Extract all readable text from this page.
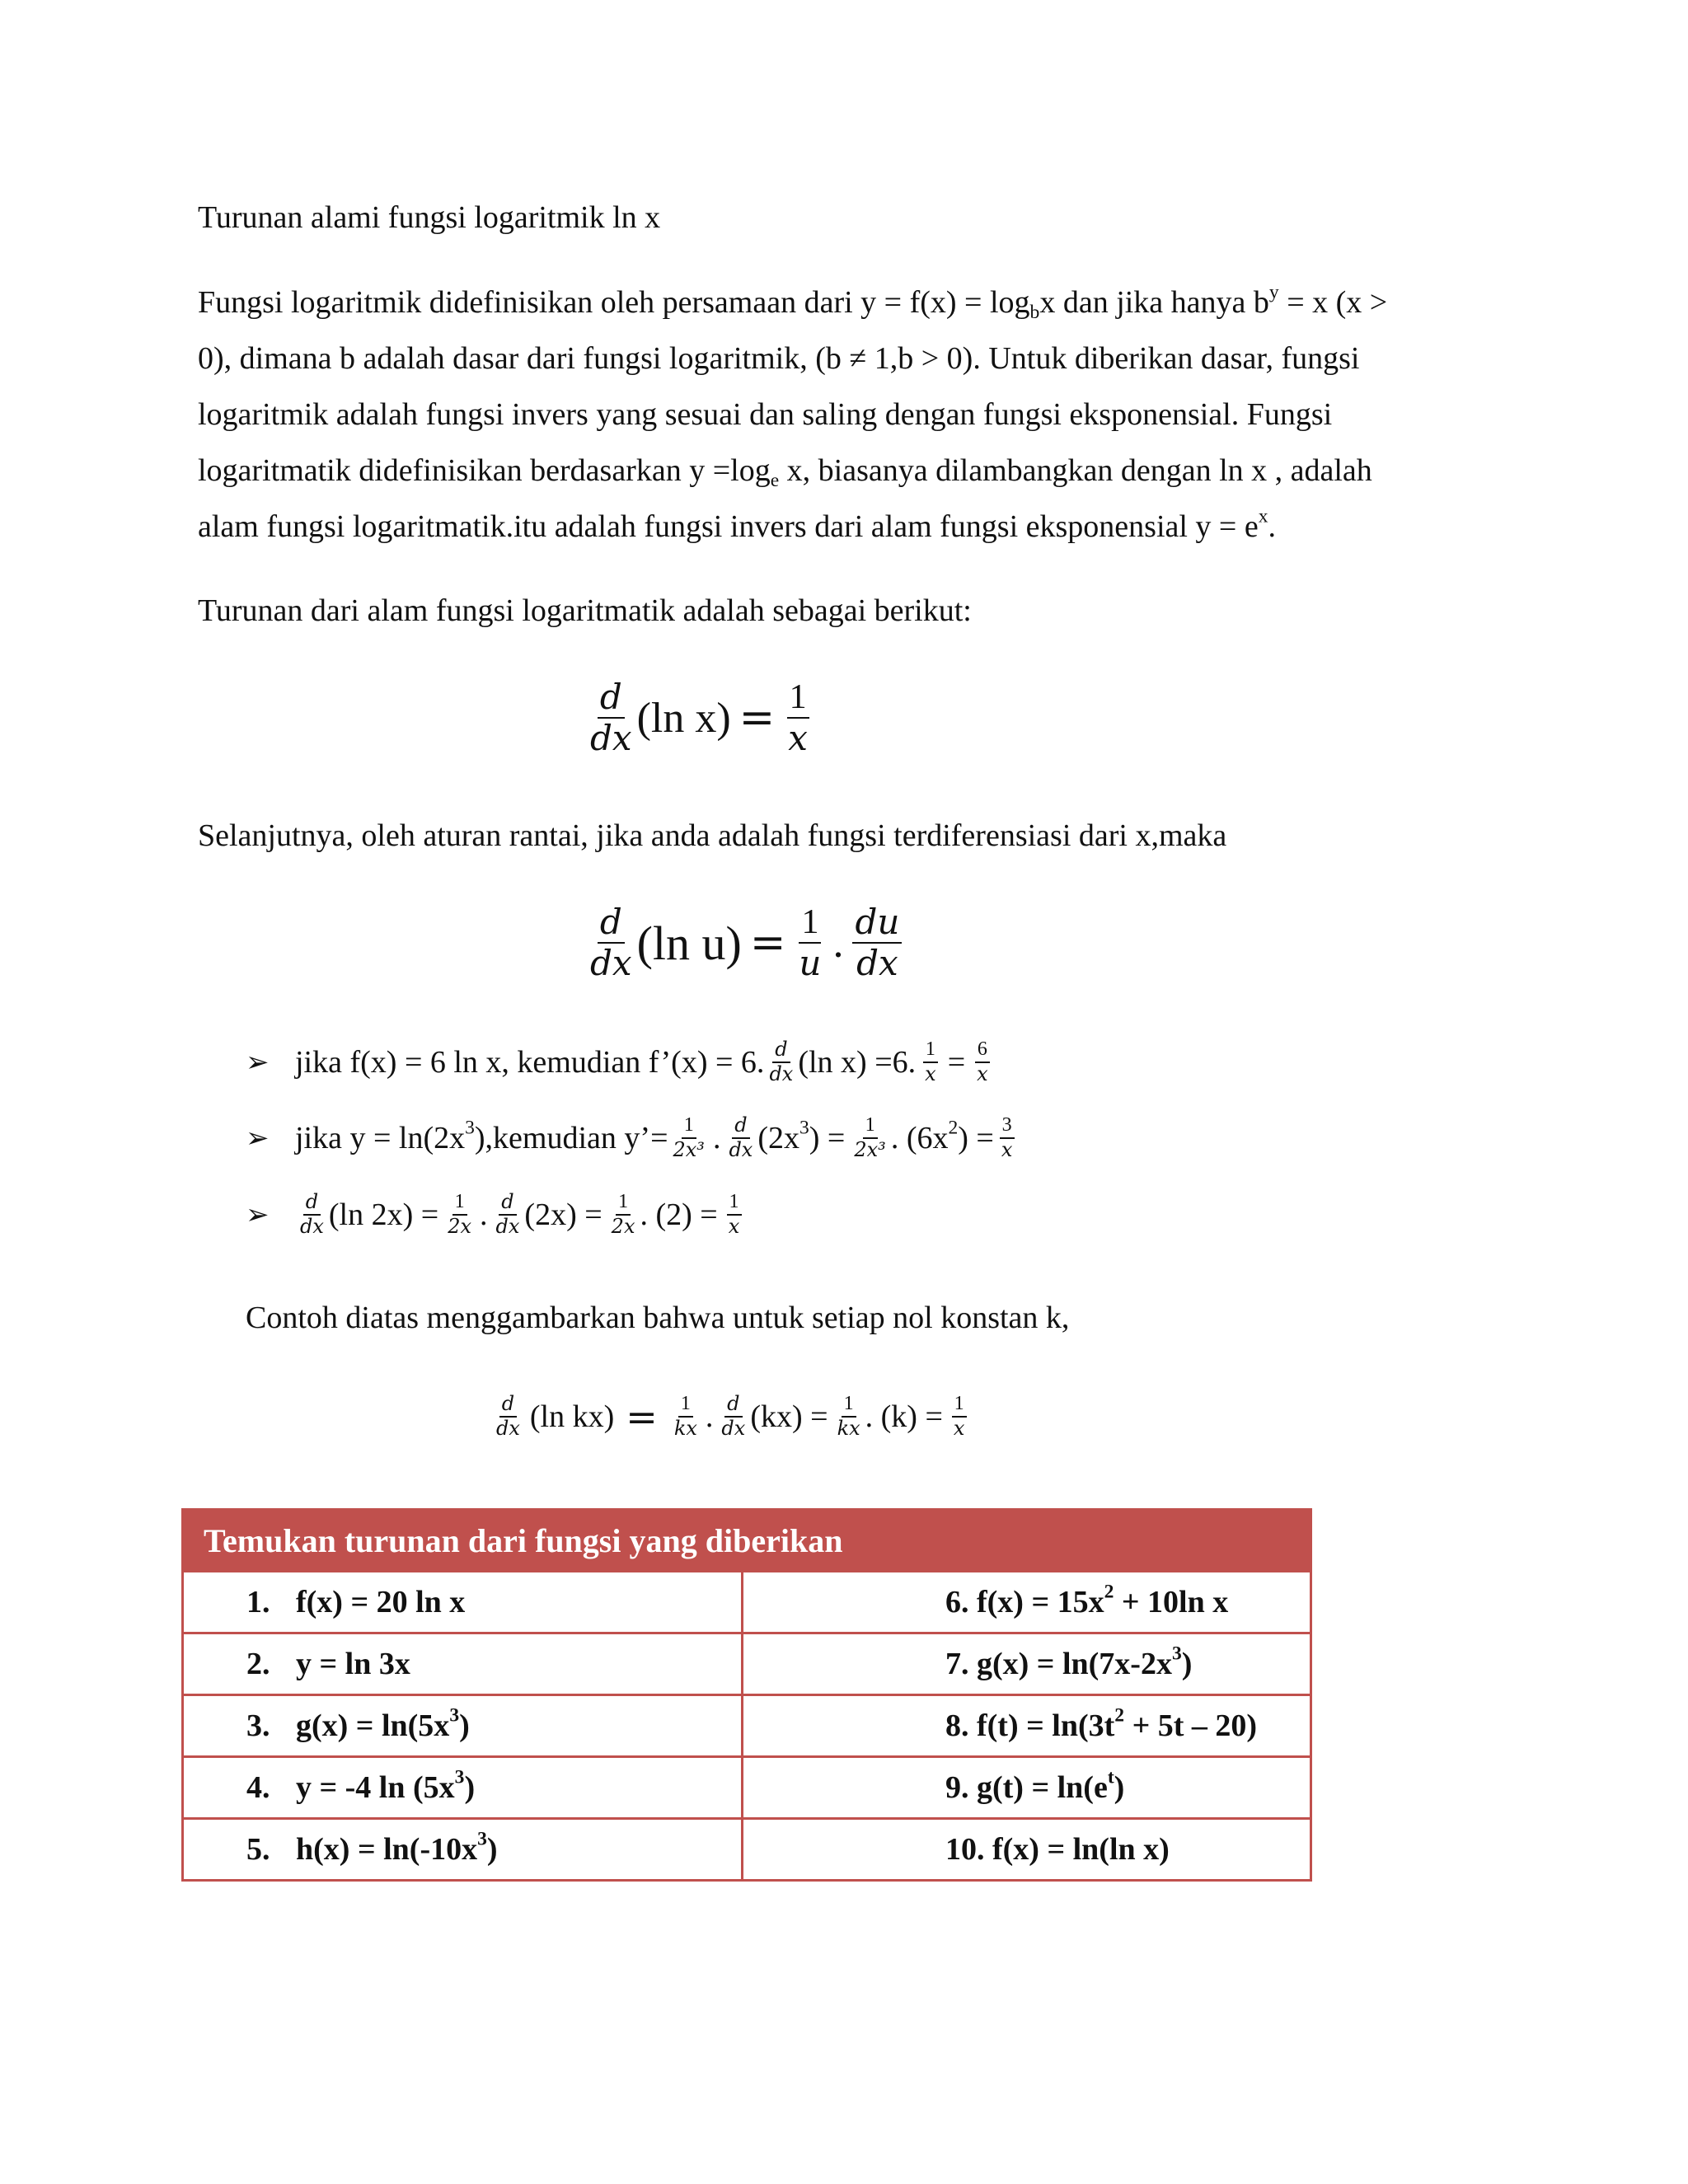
Turunan alami fungsi logaritmik ln x
Fungsi logaritmik didefinisikan oleh persamaan dari $y = f(x) = \log_bx$ dan jika hanya $b^y = x$ (x >
0), dimana b adalah dasar dari fungsi logaritmik, (b ≠ 1,b > 0). Untuk diberikan dasar, fungsi
logaritmik adalah fungsi invers yang sesuai dan saling dengan fungsi eksponensial. Fungsi
logaritmatik didefinisikan berdasarkan $y =\log_e$ x, biasanya dilambangkan dengan ln x , adalah
alam fungsi logaritmatik.itu adalah fungsi invers dari alam fungsi eksponensial $y = e^x$.
Turunan dari alam fungsi logaritmatik adalah sebagai berikut:
$\frac{d}{dx} (\ln$ $x) = \frac{1}{x}$
Selanjutnya, oleh aturan rantai, jika anda adalah fungsi terdiferensiasi dari x,maka
$\frac{d}{dx} (\ln$ $u) = \frac{1}{u}$ . $\frac{du}{dx}$
➢ jika f(x) = 6 ln x, kemudian f’(x) = 6. $\frac{d}{dx} (\ln$ x) =6. $\frac{1}{x} = \frac{6}{x}$
➢ jika $y = \ln(2x^3),kemudian$ y’= $\frac{1}{\text{2x³}}$ . $\frac{d}{dx} (2x^3) = \frac{1}{\text{2x³}}$ . $(6x^2) = \frac{3}{x}$
➢	$\frac{d}{dx} (\ln$ $2x) = \frac{1}{2x}$ . $\frac{d}{dx} (2x) = \frac{1}{2x}$ . $(2) = \frac{1}{x}$
Contoh diatas menggambarkan bahwa untuk setiap nol konstan k,
$\frac{d}{dx} (\ln$ $kx) = \frac{1}{kx}$ . $\frac{d}{dx} (kx) = \frac{1}{kx}$ . $(k) = \frac{1}{x}$
Temukan turunan dari fungsi yang diberikan	
1. f(x) = 20 ln x	6. $f(x) = 15x^2 + 10\ln$ x
2. y = ln 3x	7. $g(x) = \ln(7x-2x^3)$
3. $g(x) = \ln(5x^3)$	8. $f(t) = \ln(3t^2 + 5t - 20)$
4. y = -4 $\ln (5x^3)$	9. $g(t) = \ln(e^t)$
5. $h(x) = \ln(-10x^3)$	10. f(x) = ln(ln x)
